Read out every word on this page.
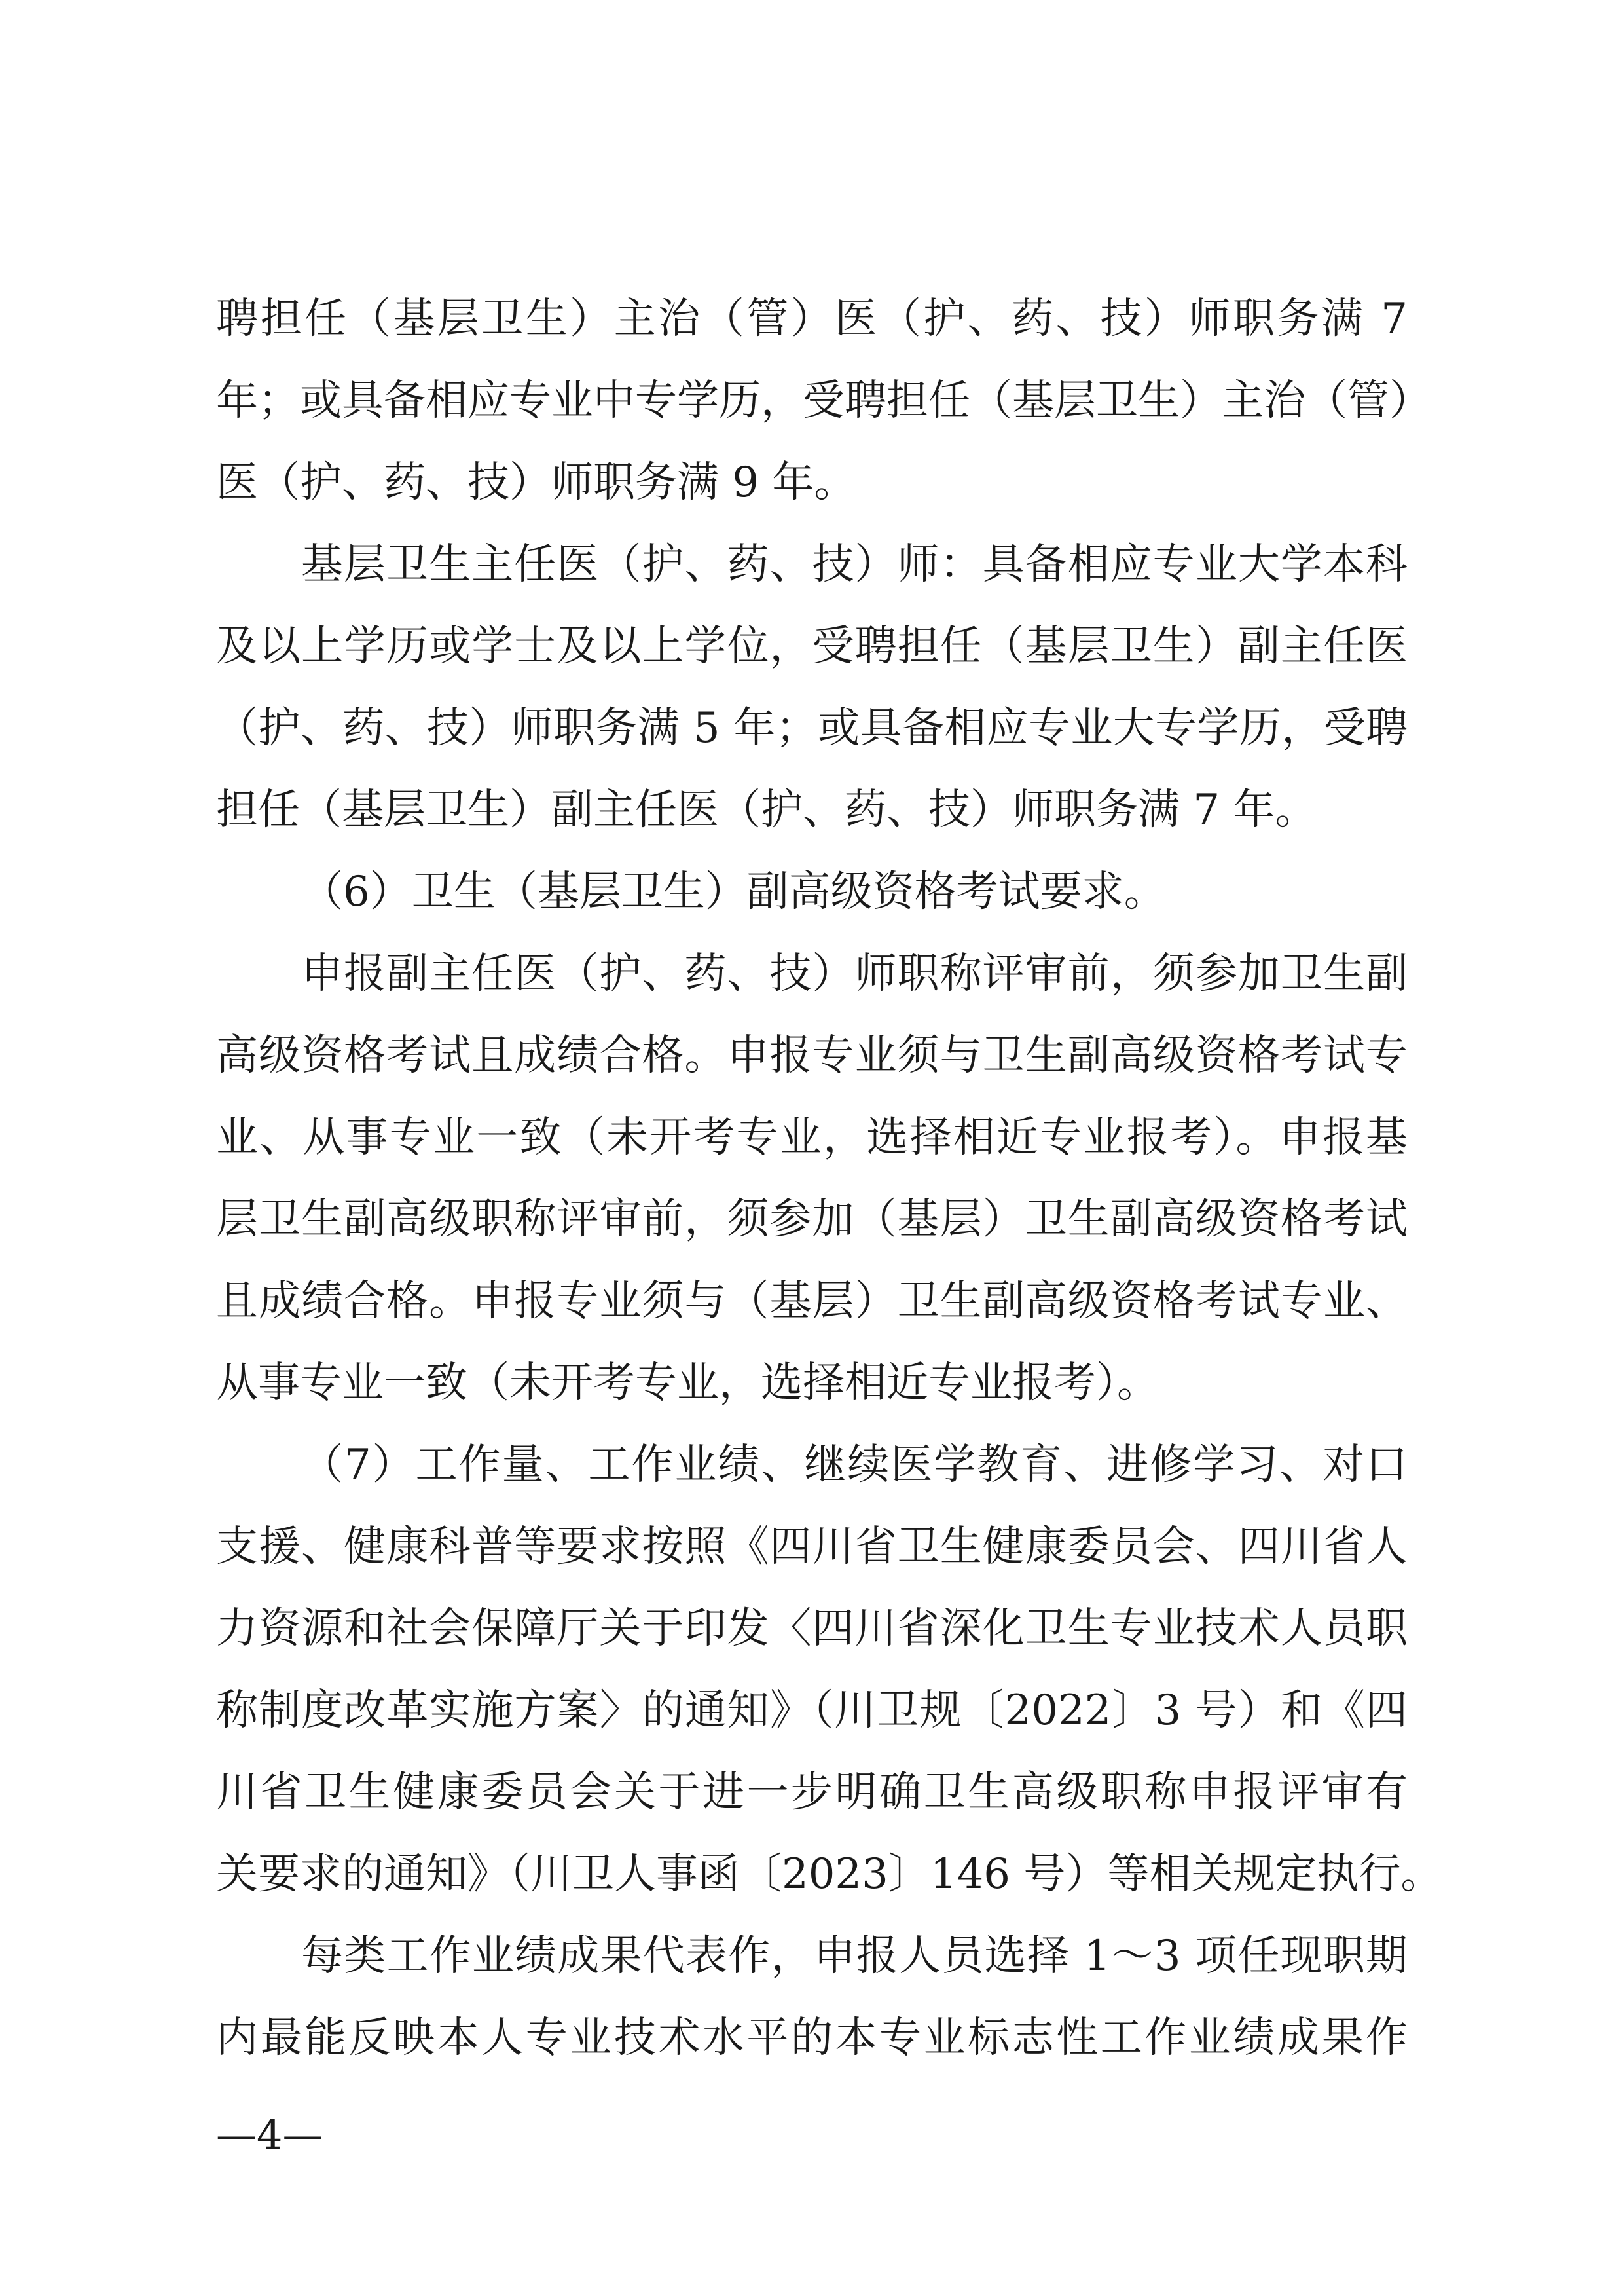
聘担任（基层卫生）主治（管）医（护、药、技）师职务满 7
年；或具备相应专业中专学历，受聘担任（基层卫生）主治（管）
医（护、药、技）师职务满 9 年。
基层卫生主任医（护、药、技）师：具备相应专业大学本科
及以上学历或学士及以上学位，受聘担任（基层卫生）副主任医
（护、药、技）师职务满 5 年；或具备相应专业大专学历，受聘
担任（基层卫生）副主任医（护、药、技）师职务满 7 年。
（6）卫生（基层卫生）副高级资格考试要求。
申报副主任医（护、药、技）师职称评审前，须参加卫生副
高级资格考试且成绩合格。申报专业须与卫生副高级资格考试专
业、从事专业一致（未开考专业，选择相近专业报考）。申报基
层卫生副高级职称评审前，须参加（基层）卫生副高级资格考试
且成绩合格。申报专业须与（基层）卫生副高级资格考试专业、
从事专业一致（未开考专业，选择相近专业报考）。
（7）工作量、工作业绩、继续医学教育、进修学习、对口
支援、健康科普等要求按照《四川省卫生健康委员会、四川省人
力资源和社会保障厅关于印发〈四川省深化卫生专业技术人员职
称制度改革实施方案〉的通知》（川卫规〔2022〕3 号）和《四
川省卫生健康委员会关于进一步明确卫生高级职称申报评审有
关要求的通知》（川卫人事函〔2023〕146 号）等相关规定执行。
每类工作业绩成果代表作，申报人员选择 1～3 项任现职期
内最能反映本人专业技术水平的本专业标志性工作业绩成果作
—4—
